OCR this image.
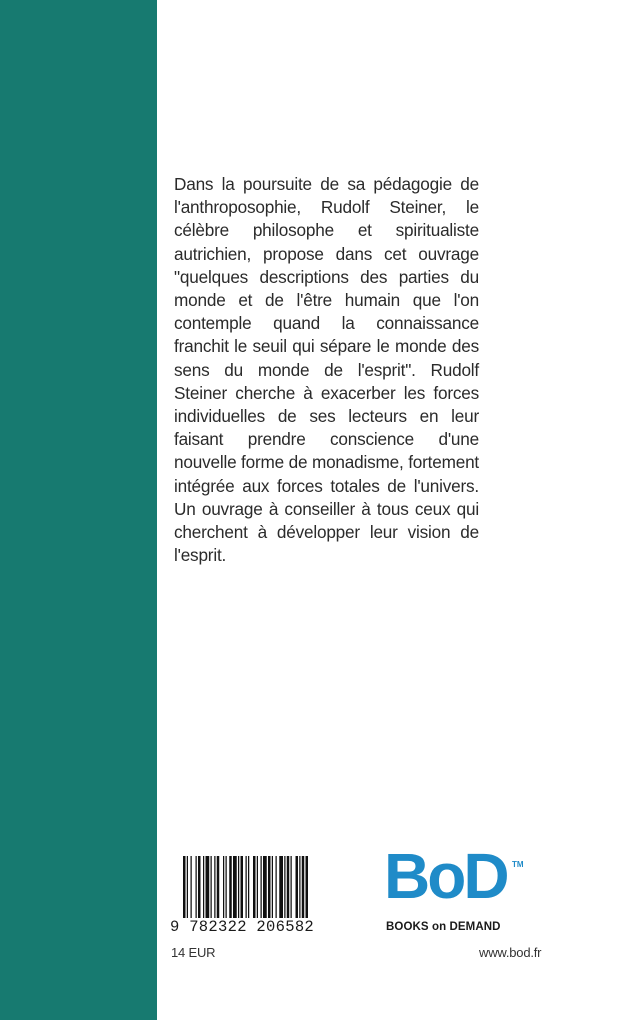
Dans la poursuite de sa pédagogie de l'anthroposophie, Rudolf Steiner, le célèbre philosophe et spiritualiste autrichien, propose dans cet ouvrage "quelques descriptions des parties du monde et de l'être humain que l'on contemple quand la connaissance franchit le seuil qui sépare le monde des sens du monde de l'esprit". Rudolf Steiner cherche à exacerber les forces individuelles de ses lecteurs en leur faisant prendre conscience d'une nouvelle forme de monadisme, fortement intégrée aux forces totales de l'univers. Un ouvrage à conseiller à tous ceux qui cherchent à développer leur vision de l'esprit.

9 782322 206582
14 EUR
BoD TM
BOOKS on DEMAND
www.bod.fr
